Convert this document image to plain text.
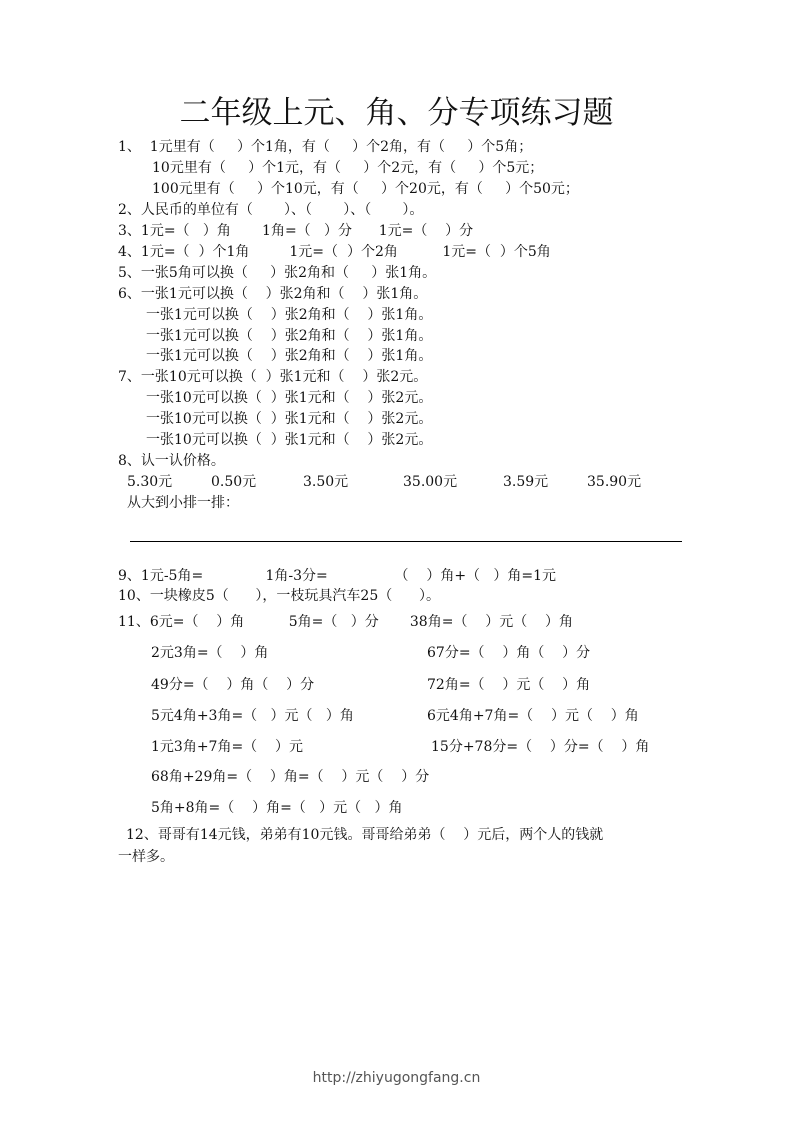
二年级上元、角、分专项练习题
1、  1元里有（     ）个1角，有（     ）个2角，有（     ）个5角；
10元里有（     ）个1元，有（     ）个2元，有（     ）个5元；
100元里有（     ）个10元，有（     ）个20元，有（     ）个50元；
2、人民币的单位有（       ）、（       ）、（       ）。
3、1元=（   ）角       1角=（   ）分      1元=（    ）分
4、1元=（  ）个1角         1元=（  ）个2角          1元=（  ）个5角
5、一张5角可以换（     ）张2角和（     ）张1角。
6、一张1元可以换（    ）张2角和（    ）张1角。
一张1元可以换（    ）张2角和（    ）张1角。
一张1元可以换（    ）张2角和（    ）张1角。
一张1元可以换（    ）张2角和（    ）张1角。
7、一张10元可以换（  ）张1元和（    ）张2元。
一张10元可以换（  ）张1元和（    ）张2元。
一张10元可以换（  ）张1元和（    ）张2元。
一张10元可以换（  ）张1元和（    ）张2元。
8、认一认价格。
5.30元	0.50元	3.50元	35.00元	3.59元	35.90元
从大到小排一排：
9、1元-5角=              1角-3分=               （    ）角+（   ）角=1元
10、一块橡皮5（      ），一枝玩具汽车25（      ）。
11、6元=（    ）角          5角=（   ）分       38角=（    ）元（    ）角
2元3角=（    ）角	67分=（    ）角（    ）分
49分=（    ）角（    ）分	72角=（    ）元（    ）角
5元4角+3角=（   ）元（   ）角	6元4角+7角=（    ）元（    ）角
1元3角+7角=（    ）元	15分+78分=（    ）分=（    ）角
68角+29角=（    ）角=（    ）元（    ）分
5角+8角=（    ）角=（   ）元（   ）角
12、哥哥有14元钱，弟弟有10元钱。哥哥给弟弟（    ）元后，两个人的钱就
一样多。
http://zhiyugongfang.cn
